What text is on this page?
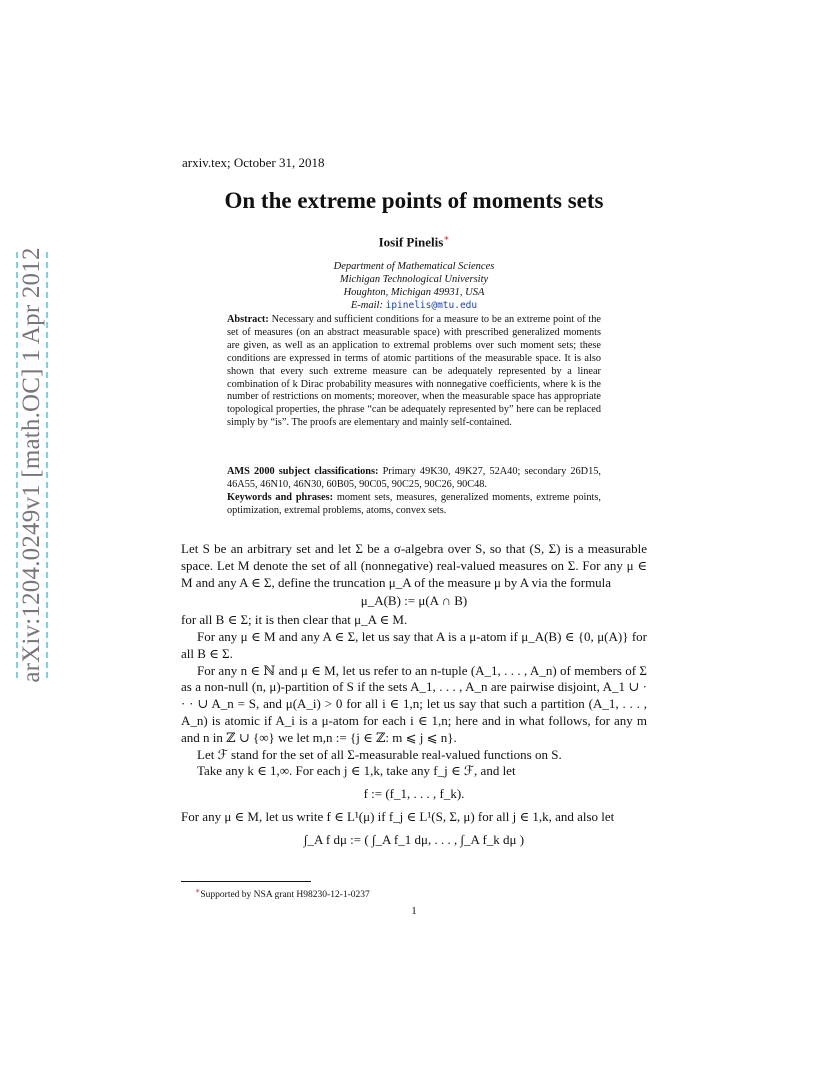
arXiv:1204.0249v1 [math.OC] 1 Apr 2012
arxiv.tex; October 31, 2018
On the extreme points of moments sets
Iosif Pinelis∗
Department of Mathematical Sciences
Michigan Technological University
Houghton, Michigan 49931, USA
E-mail: ipinelis@mtu.edu
Abstract: Necessary and sufficient conditions for a measure to be an extreme point of the set of measures (on an abstract measurable space) with prescribed generalized moments are given, as well as an application to extremal problems over such moment sets; these conditions are expressed in terms of atomic partitions of the measurable space. It is also shown that every such extreme measure can be adequately represented by a linear combination of k Dirac probability measures with nonnegative coefficients, where k is the number of restrictions on moments; moreover, when the measurable space has appropriate topological properties, the phrase “can be adequately represented by” here can be replaced simply by “is”. The proofs are elementary and mainly self-contained.
AMS 2000 subject classifications: Primary 49K30, 49K27, 52A40; secondary 26D15, 46A55, 46N10, 46N30, 60B05, 90C05, 90C25, 90C26, 90C48.
Keywords and phrases: moment sets, measures, generalized moments, extreme points, optimization, extremal problems, atoms, convex sets.

Let S be an arbitrary set and let Σ be a σ-algebra over S, so that (S, Σ) is a measurable space. Let M denote the set of all (nonnegative) real-valued measures on Σ. For any μ ∈ M and any A ∈ Σ, define the truncation μ_A of the measure μ by A via the formula

μ_A(B) := μ(A ∩ B)

for all B ∈ Σ; it is then clear that μ_A ∈ M.

For any μ ∈ M and any A ∈ Σ, let us say that A is a μ-atom if μ_A(B) ∈ {0, μ(A)} for all B ∈ Σ.

For any n ∈ ℕ and μ ∈ M, let us refer to an n-tuple (A_1, . . . , A_n) of members of Σ as a non-null (n, μ)-partition of S if the sets A_1, . . . , A_n are pairwise disjoint, A_1 ∪ · · · ∪ A_n = S, and μ(A_i) > 0 for all i ∈ 1,n; let us say that such a partition (A_1, . . . , A_n) is atomic if A_i is a μ-atom for each i ∈ 1,n; here and in what follows, for any m and n in ℤ ∪ {∞} we let m,n := {j ∈ ℤ: m ⩽ j ⩽ n}.

Let ℱ stand for the set of all Σ-measurable real-valued functions on S.

Take any k ∈ 1,∞. For each j ∈ 1,k, take any f_j ∈ ℱ, and let

f := (f_1, . . . , f_k).

For any μ ∈ M, let us write f ∈ L¹(μ) if f_j ∈ L¹(S, Σ, μ) for all j ∈ 1,k, and also let

∫_A f dμ := ( ∫_A f_1 dμ, . . . , ∫_A f_k dμ )
∗Supported by NSA grant H98230-12-1-0237
1
